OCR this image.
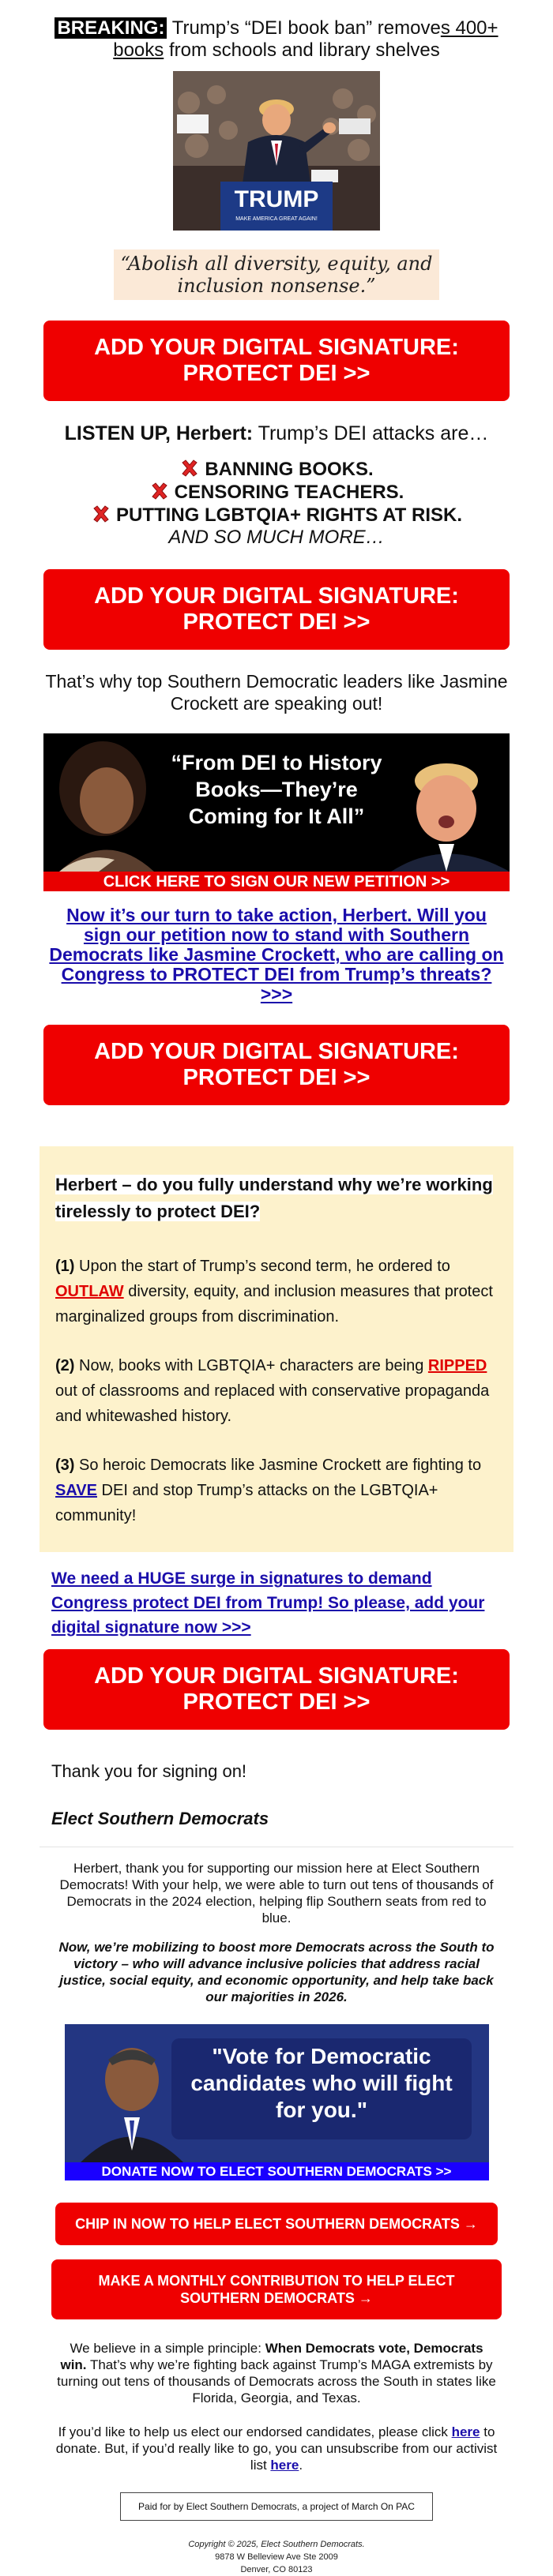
BREAKING: Trump’s “DEI book ban” removes 400+ books from schools and library shelves
TRUMP
MAKE AMERICA GREAT AGAIN!
“Abolish all diversity, equity, and inclusion nonsense.”
ADD YOUR DIGITAL SIGNATURE: PROTECT DEI >>
LISTEN UP, Herbert: Trump’s DEI attacks are…
BANNING BOOKS.
CENSORING TEACHERS.
PUTTING LGBTQIA+ RIGHTS AT RISK.
AND SO MUCH MORE…
ADD YOUR DIGITAL SIGNATURE: PROTECT DEI >>
That’s why top Southern Democratic leaders like Jasmine Crockett are speaking out!
“From DEI to History Books—They’re Coming for It All”
CLICK HERE TO SIGN OUR NEW PETITION >>
Now it’s our turn to take action, Herbert. Will you sign our petition now to stand with Southern Democrats like Jasmine Crockett, who are calling on Congress to PROTECT DEI from Trump’s threats? >>>
ADD YOUR DIGITAL SIGNATURE: PROTECT DEI >>
Herbert – do you fully understand why we’re working tirelessly to protect DEI?

(1) Upon the start of Trump’s second term, he ordered to OUTLAW diversity, equity, and inclusion measures that protect marginalized groups from discrimination.

(2) Now, books with LGBTQIA+ characters are being RIPPED out of classrooms and replaced with conservative propaganda and whitewashed history.

(3) So heroic Democrats like Jasmine Crockett are fighting to SAVE DEI and stop Trump’s attacks on the LGBTQIA+ community!

We need a HUGE surge in signatures to demand Congress protect DEI from Trump! So please, add your digital signature now >>>
ADD YOUR DIGITAL SIGNATURE: PROTECT DEI >>
Thank you for signing on!
Elect Southern Democrats
Herbert, thank you for supporting our mission here at Elect Southern Democrats! With your help, we were able to turn out tens of thousands of Democrats in the 2024 election, helping flip Southern seats from red to blue.
Now, we’re mobilizing to boost more Democrats across the South to victory – who will advance inclusive policies that address racial justice, social equity, and economic opportunity, and help take back our majorities in 2026.
"Vote for Democratic candidates who will fight for you."
DONATE NOW TO ELECT SOUTHERN DEMOCRATS >>
CHIP IN NOW TO HELP ELECT SOUTHERN DEMOCRATS →
MAKE A MONTHLY CONTRIBUTION TO HELP ELECT SOUTHERN DEMOCRATS →
We believe in a simple principle: When Democrats vote, Democrats win. That’s why we’re fighting back against Trump’s MAGA extremists by turning out tens of thousands of Democrats across the South in states like Florida, Georgia, and Texas.
If you’d like to help us elect our endorsed candidates, please click here to donate. But, if you’d really like to go, you can unsubscribe from our activist list here.
Paid for by Elect Southern Democrats, a project of March On PAC
Copyright © 2025, Elect Southern Democrats.
9878 W Belleview Ave Ste 2009
Denver, CO 80123
